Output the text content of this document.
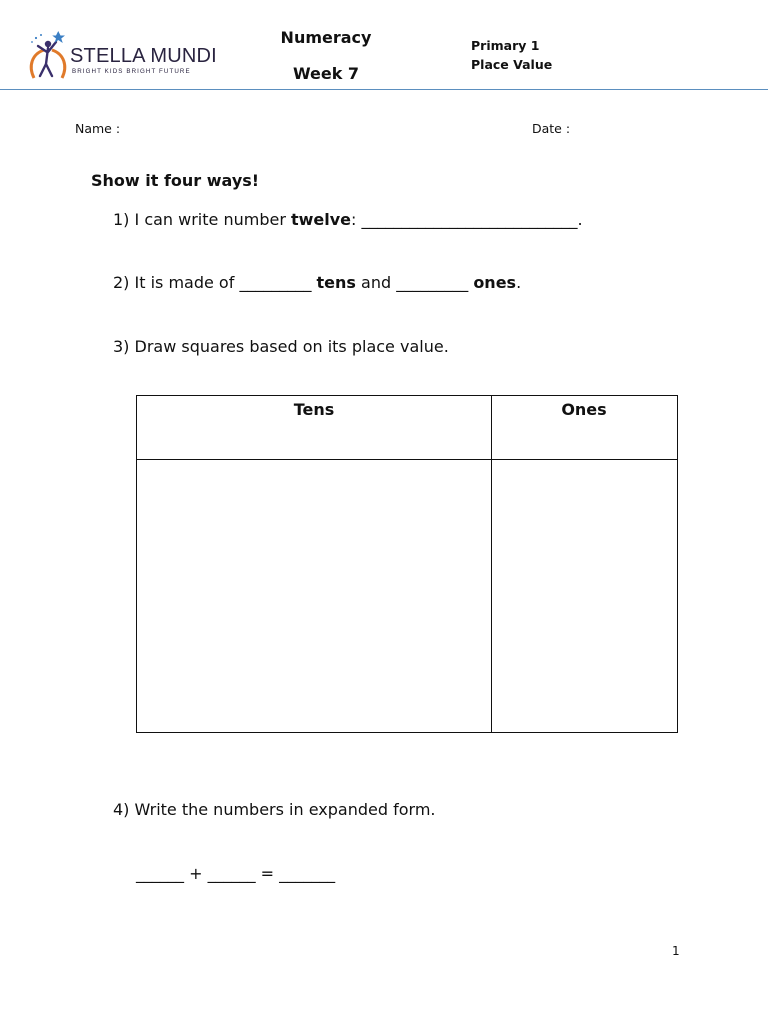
STELLA MUNDI
BRIGHT KIDS BRIGHT FUTURE
Numeracy
Week 7
Primary 1
Place Value
Name :	Date :
Show it four ways!
1) I can write number twelve: ___________________________.
2) It is made of _________ tens and _________ ones.
3) Draw squares based on its place value.
Tens	Ones
4) Write the numbers in expanded form.
______ + ______ = _______
1
